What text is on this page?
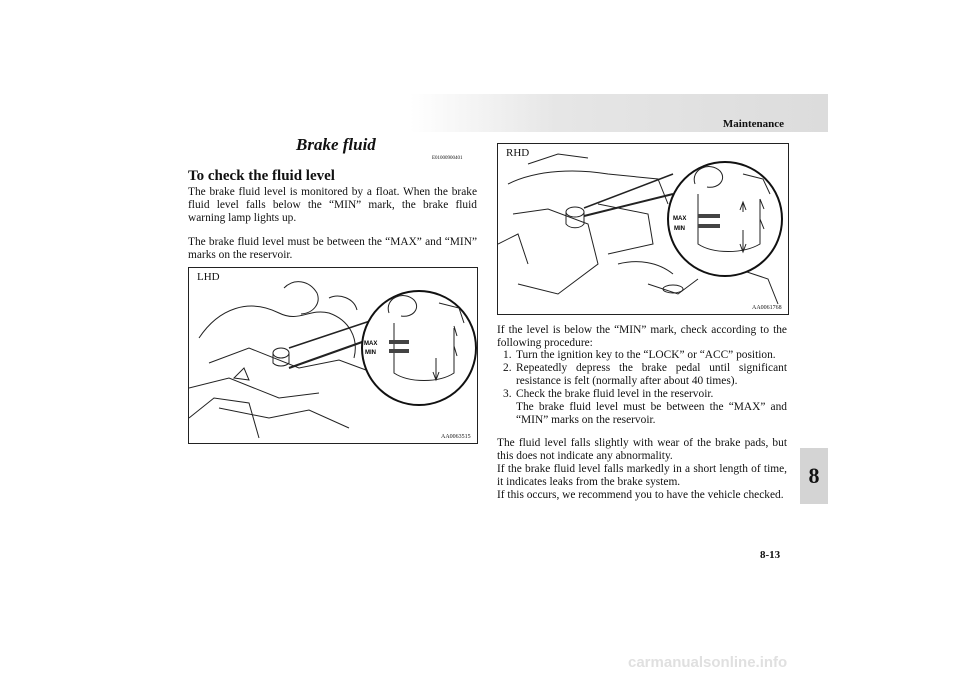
Maintenance
8
8-13
Brake fluid
E01000900401
To check the fluid level
The brake fluid level is monitored by a float. When the brake fluid level falls below the “MIN” mark, the brake fluid warning lamp lights up.
The brake fluid level must be between the “MAX” and “MIN” marks on the reservoir.
MAX
MIN
LHD
AA0063515
MAX
MIN
RHD
AA0061768
If the level is below the “MIN” mark, check according to the following procedure:
1. Turn the ignition key to the “LOCK” or “ACC” position.
2. Repeatedly depress the brake pedal until significant resistance is felt (normally after about 40 times).
3. Check the brake fluid level in the reservoir.
The brake fluid level must be between the “MAX” and “MIN” marks on the reservoir.
The fluid level falls slightly with wear of the brake pads, but this does not indicate any abnormality.
If the brake fluid level falls markedly in a short length of time, it indicates leaks from the brake system.
If this occurs, we recommend you to have the vehicle checked.
carmanualsonline.info
